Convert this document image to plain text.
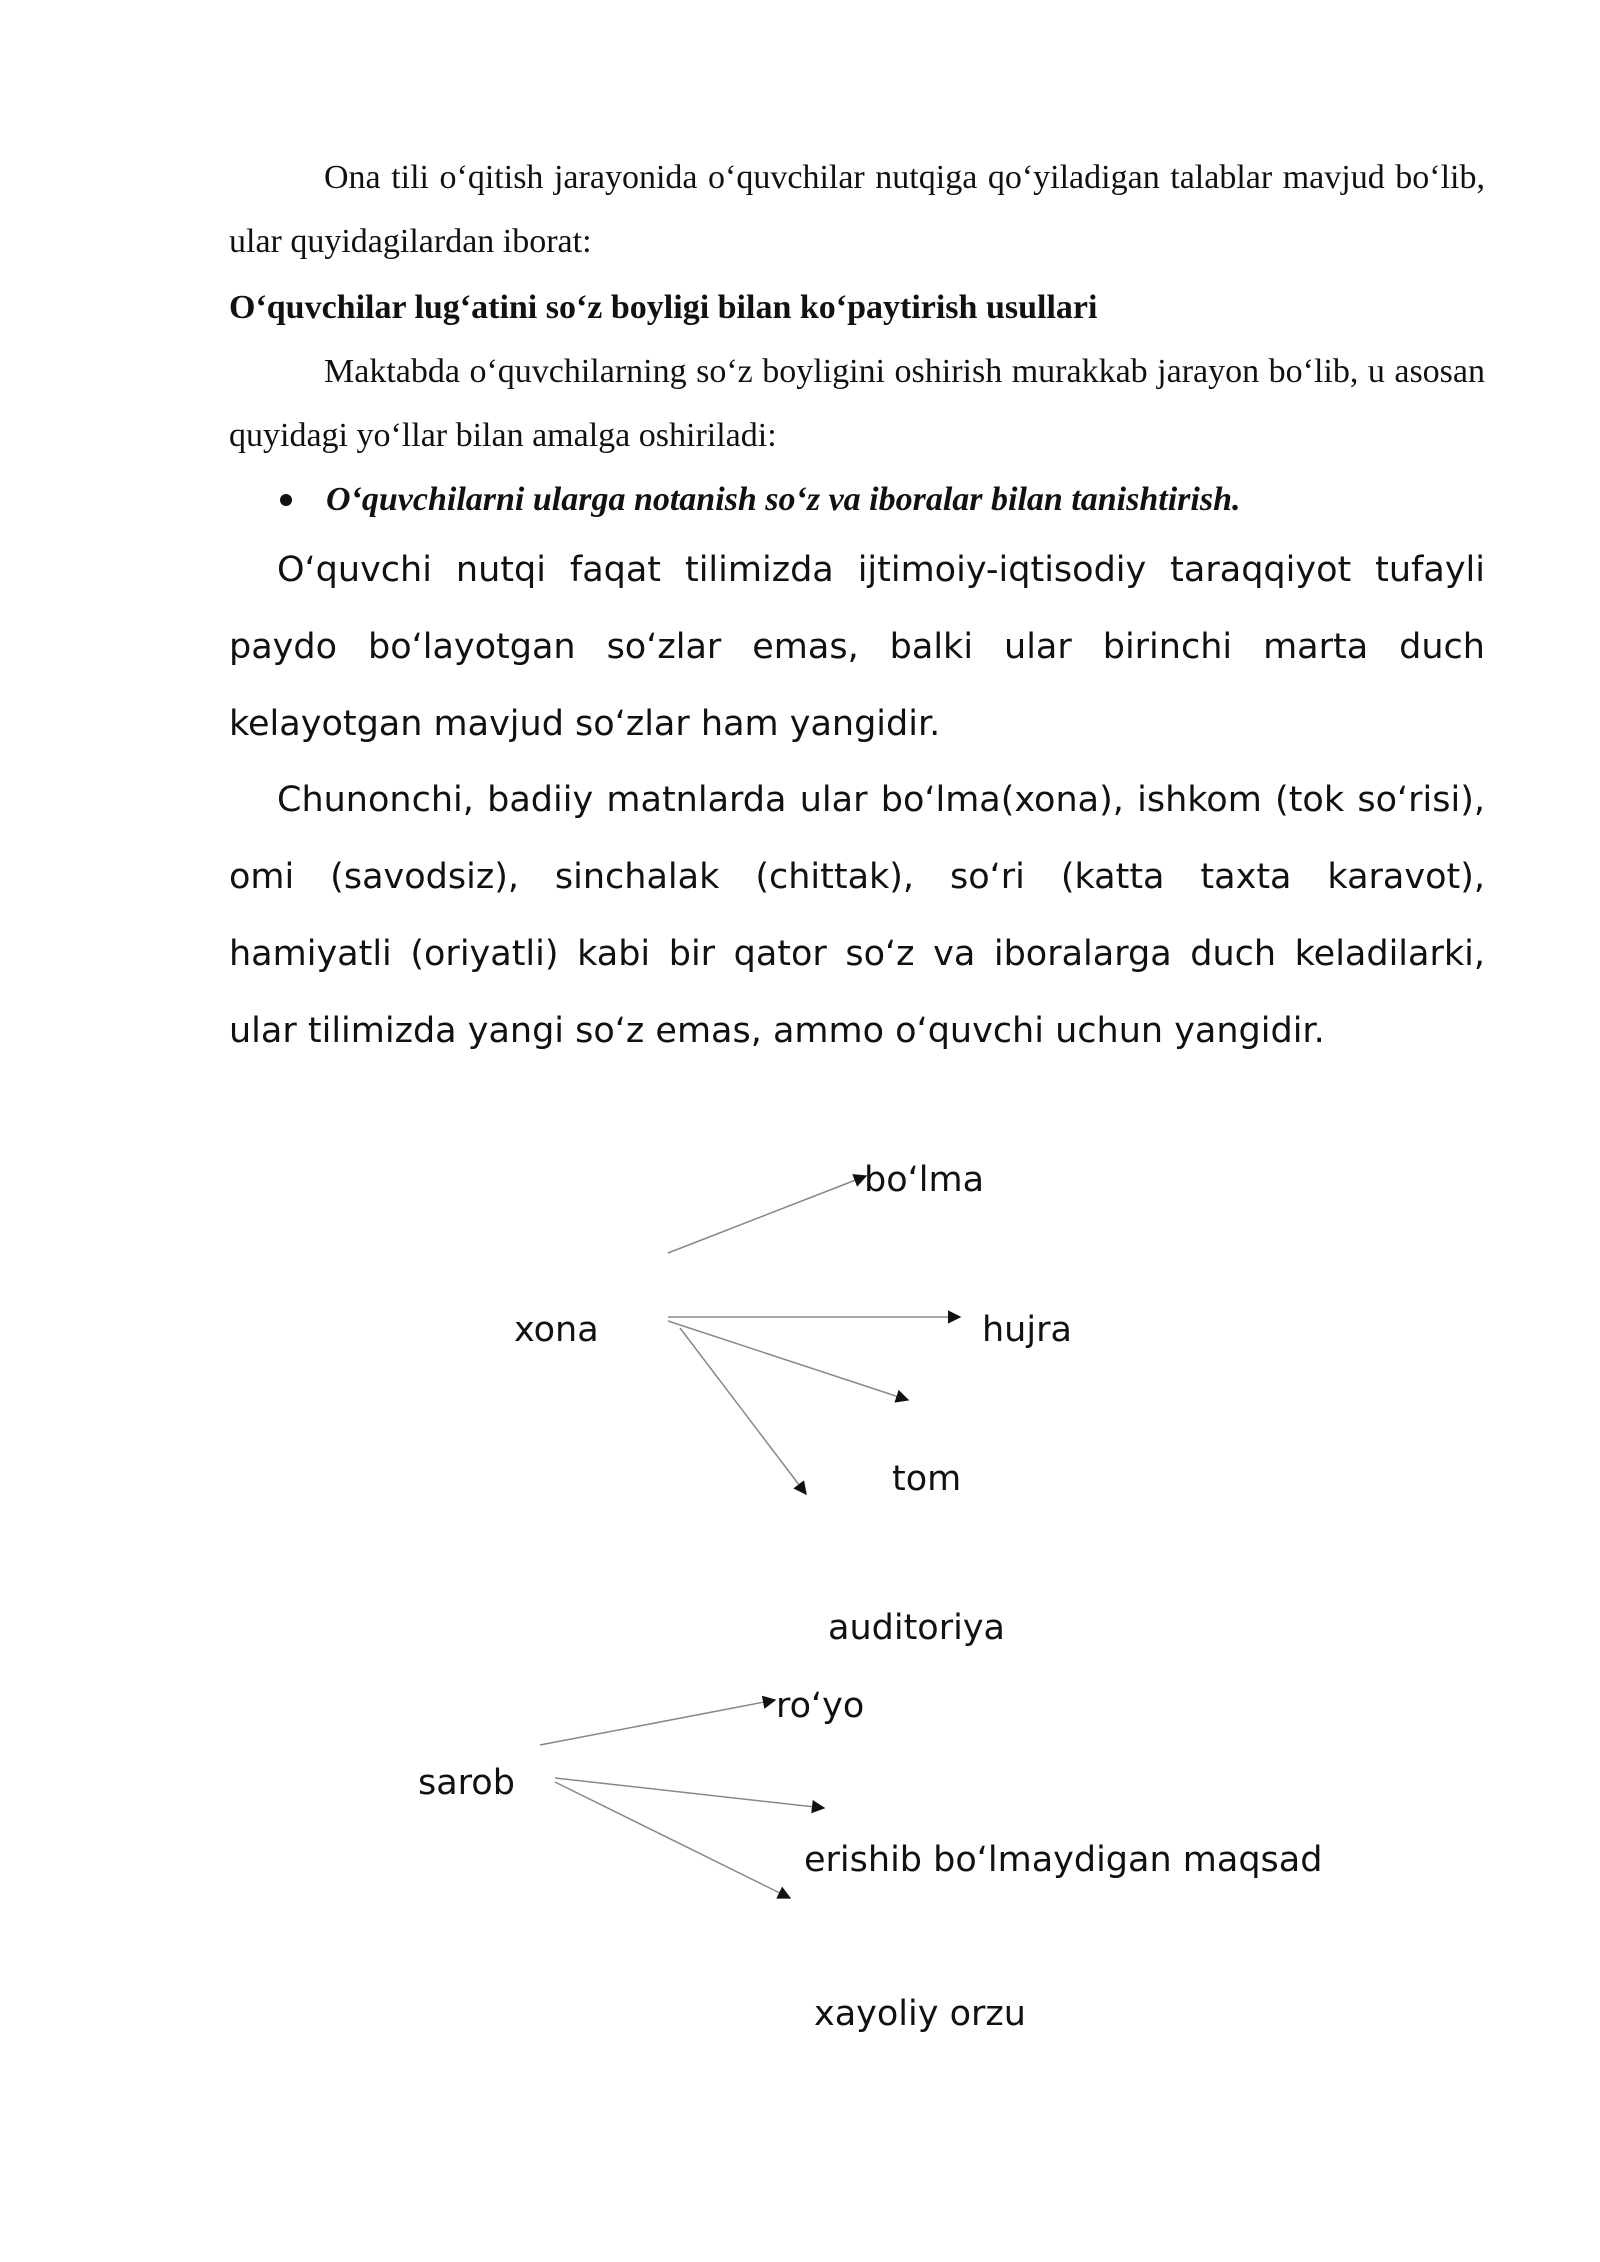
Ona tili o‘qitish jarayonida o‘quvchilar nutqiga qo‘yiladigan talablar mavjud bo‘lib, ular quyidagilardan iborat:

O‘quvchilar lug‘atini so‘z boyligi bilan ko‘paytirish usullari

Maktabda o‘quvchilarning so‘z boyligini oshirish murakkab jarayon bo‘lib, u asosan quyidagi yo‘llar bilan amalga oshiriladi:

O‘quvchilarni ularga notanish so‘z va iboralar bilan tanishtirish.

O‘quvchi nutqi faqat tilimizda ijtimoiy-iqtisodiy taraqqiyot tufayli paydo bo‘layotgan so‘zlar emas, balki ular birinchi marta duch kelayotgan mavjud so‘zlar ham yangidir.

Chunonchi, badiiy matnlarda ular bo‘lma(xona), ishkom (tok so‘risi), omi (savodsiz), sinchalak (chittak), so‘ri (katta taxta karavot), hamiyatli (oriyatli) kabi bir qator so‘z va iboralarga duch keladilarki, ular tilimizda yangi so‘z emas, ammo o‘quvchi uchun yangidir.

xona
bo‘lma
hujra
tom
auditoriya
sarob
ro‘yo
erishib bo‘lmaydigan maqsad
xayoliy orzu
